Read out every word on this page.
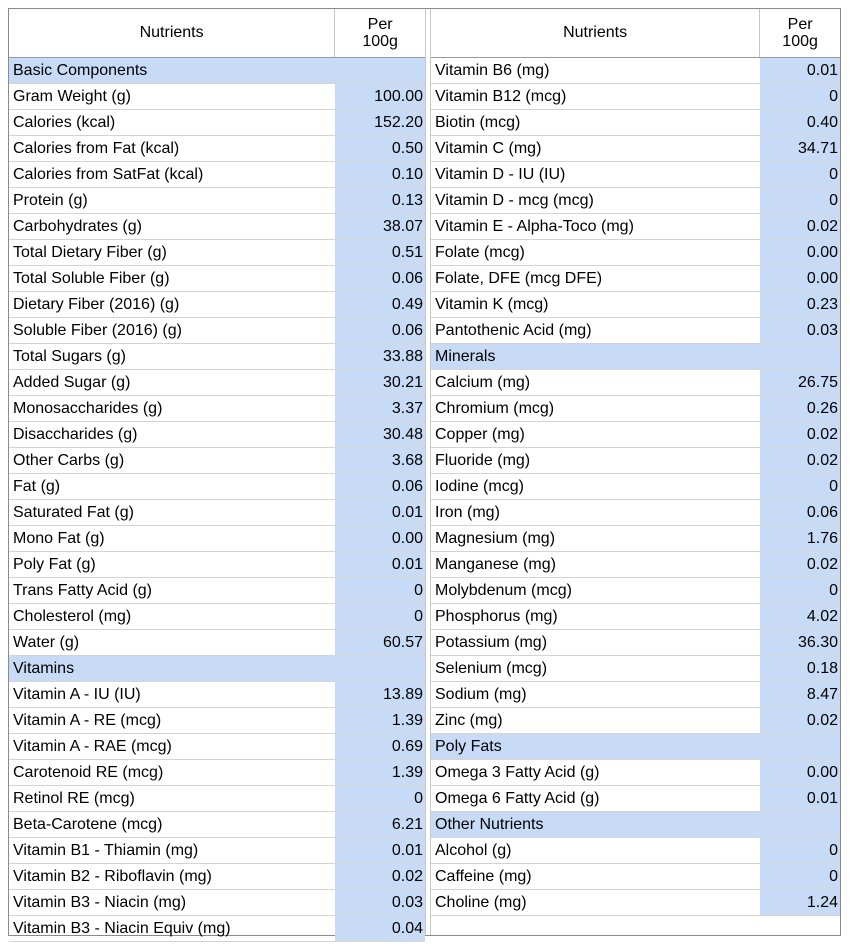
Nutrients	Per
100g
Basic Components
Gram Weight (g)	100.00
Calories (kcal)	152.20
Calories from Fat (kcal)	0.50
Calories from SatFat (kcal)	0.10
Protein (g)	0.13
Carbohydrates (g)	38.07
Total Dietary Fiber (g)	0.51
Total Soluble Fiber (g)	0.06
Dietary Fiber (2016) (g)	0.49
Soluble Fiber (2016) (g)	0.06
Total Sugars (g)	33.88
Added Sugar (g)	30.21
Monosaccharides (g)	3.37
Disaccharides (g)	30.48
Other Carbs (g)	3.68
Fat (g)	0.06
Saturated Fat (g)	0.01
Mono Fat (g)	0.00
Poly Fat (g)	0.01
Trans Fatty Acid (g)	0
Cholesterol (mg)	0
Water (g)	60.57
Vitamins
Vitamin A - IU (IU)	13.89
Vitamin A - RE (mcg)	1.39
Vitamin A - RAE (mcg)	0.69
Carotenoid RE (mcg)	1.39
Retinol RE (mcg)	0
Beta-Carotene (mcg)	6.21
Vitamin B1 - Thiamin (mg)	0.01
Vitamin B2 - Riboflavin (mg)	0.02
Vitamin B3 - Niacin (mg)	0.03
Vitamin B3 - Niacin Equiv (mg)	0.04
Nutrients	Per
100g
Vitamin B6 (mg)	0.01
Vitamin B12 (mcg)	0
Biotin (mcg)	0.40
Vitamin C (mg)	34.71
Vitamin D - IU (IU)	0
Vitamin D - mcg (mcg)	0
Vitamin E - Alpha-Toco (mg)	0.02
Folate (mcg)	0.00
Folate, DFE (mcg DFE)	0.00
Vitamin K (mcg)	0.23
Pantothenic Acid (mg)	0.03
Minerals
Calcium (mg)	26.75
Chromium (mcg)	0.26
Copper (mg)	0.02
Fluoride (mg)	0.02
Iodine (mcg)	0
Iron (mg)	0.06
Magnesium (mg)	1.76
Manganese (mg)	0.02
Molybdenum (mcg)	0
Phosphorus (mg)	4.02
Potassium (mg)	36.30
Selenium (mcg)	0.18
Sodium (mg)	8.47
Zinc (mg)	0.02
Poly Fats
Omega 3 Fatty Acid (g)	0.00
Omega 6 Fatty Acid (g)	0.01
Other Nutrients
Alcohol (g)	0
Caffeine (mg)	0
Choline (mg)	1.24
